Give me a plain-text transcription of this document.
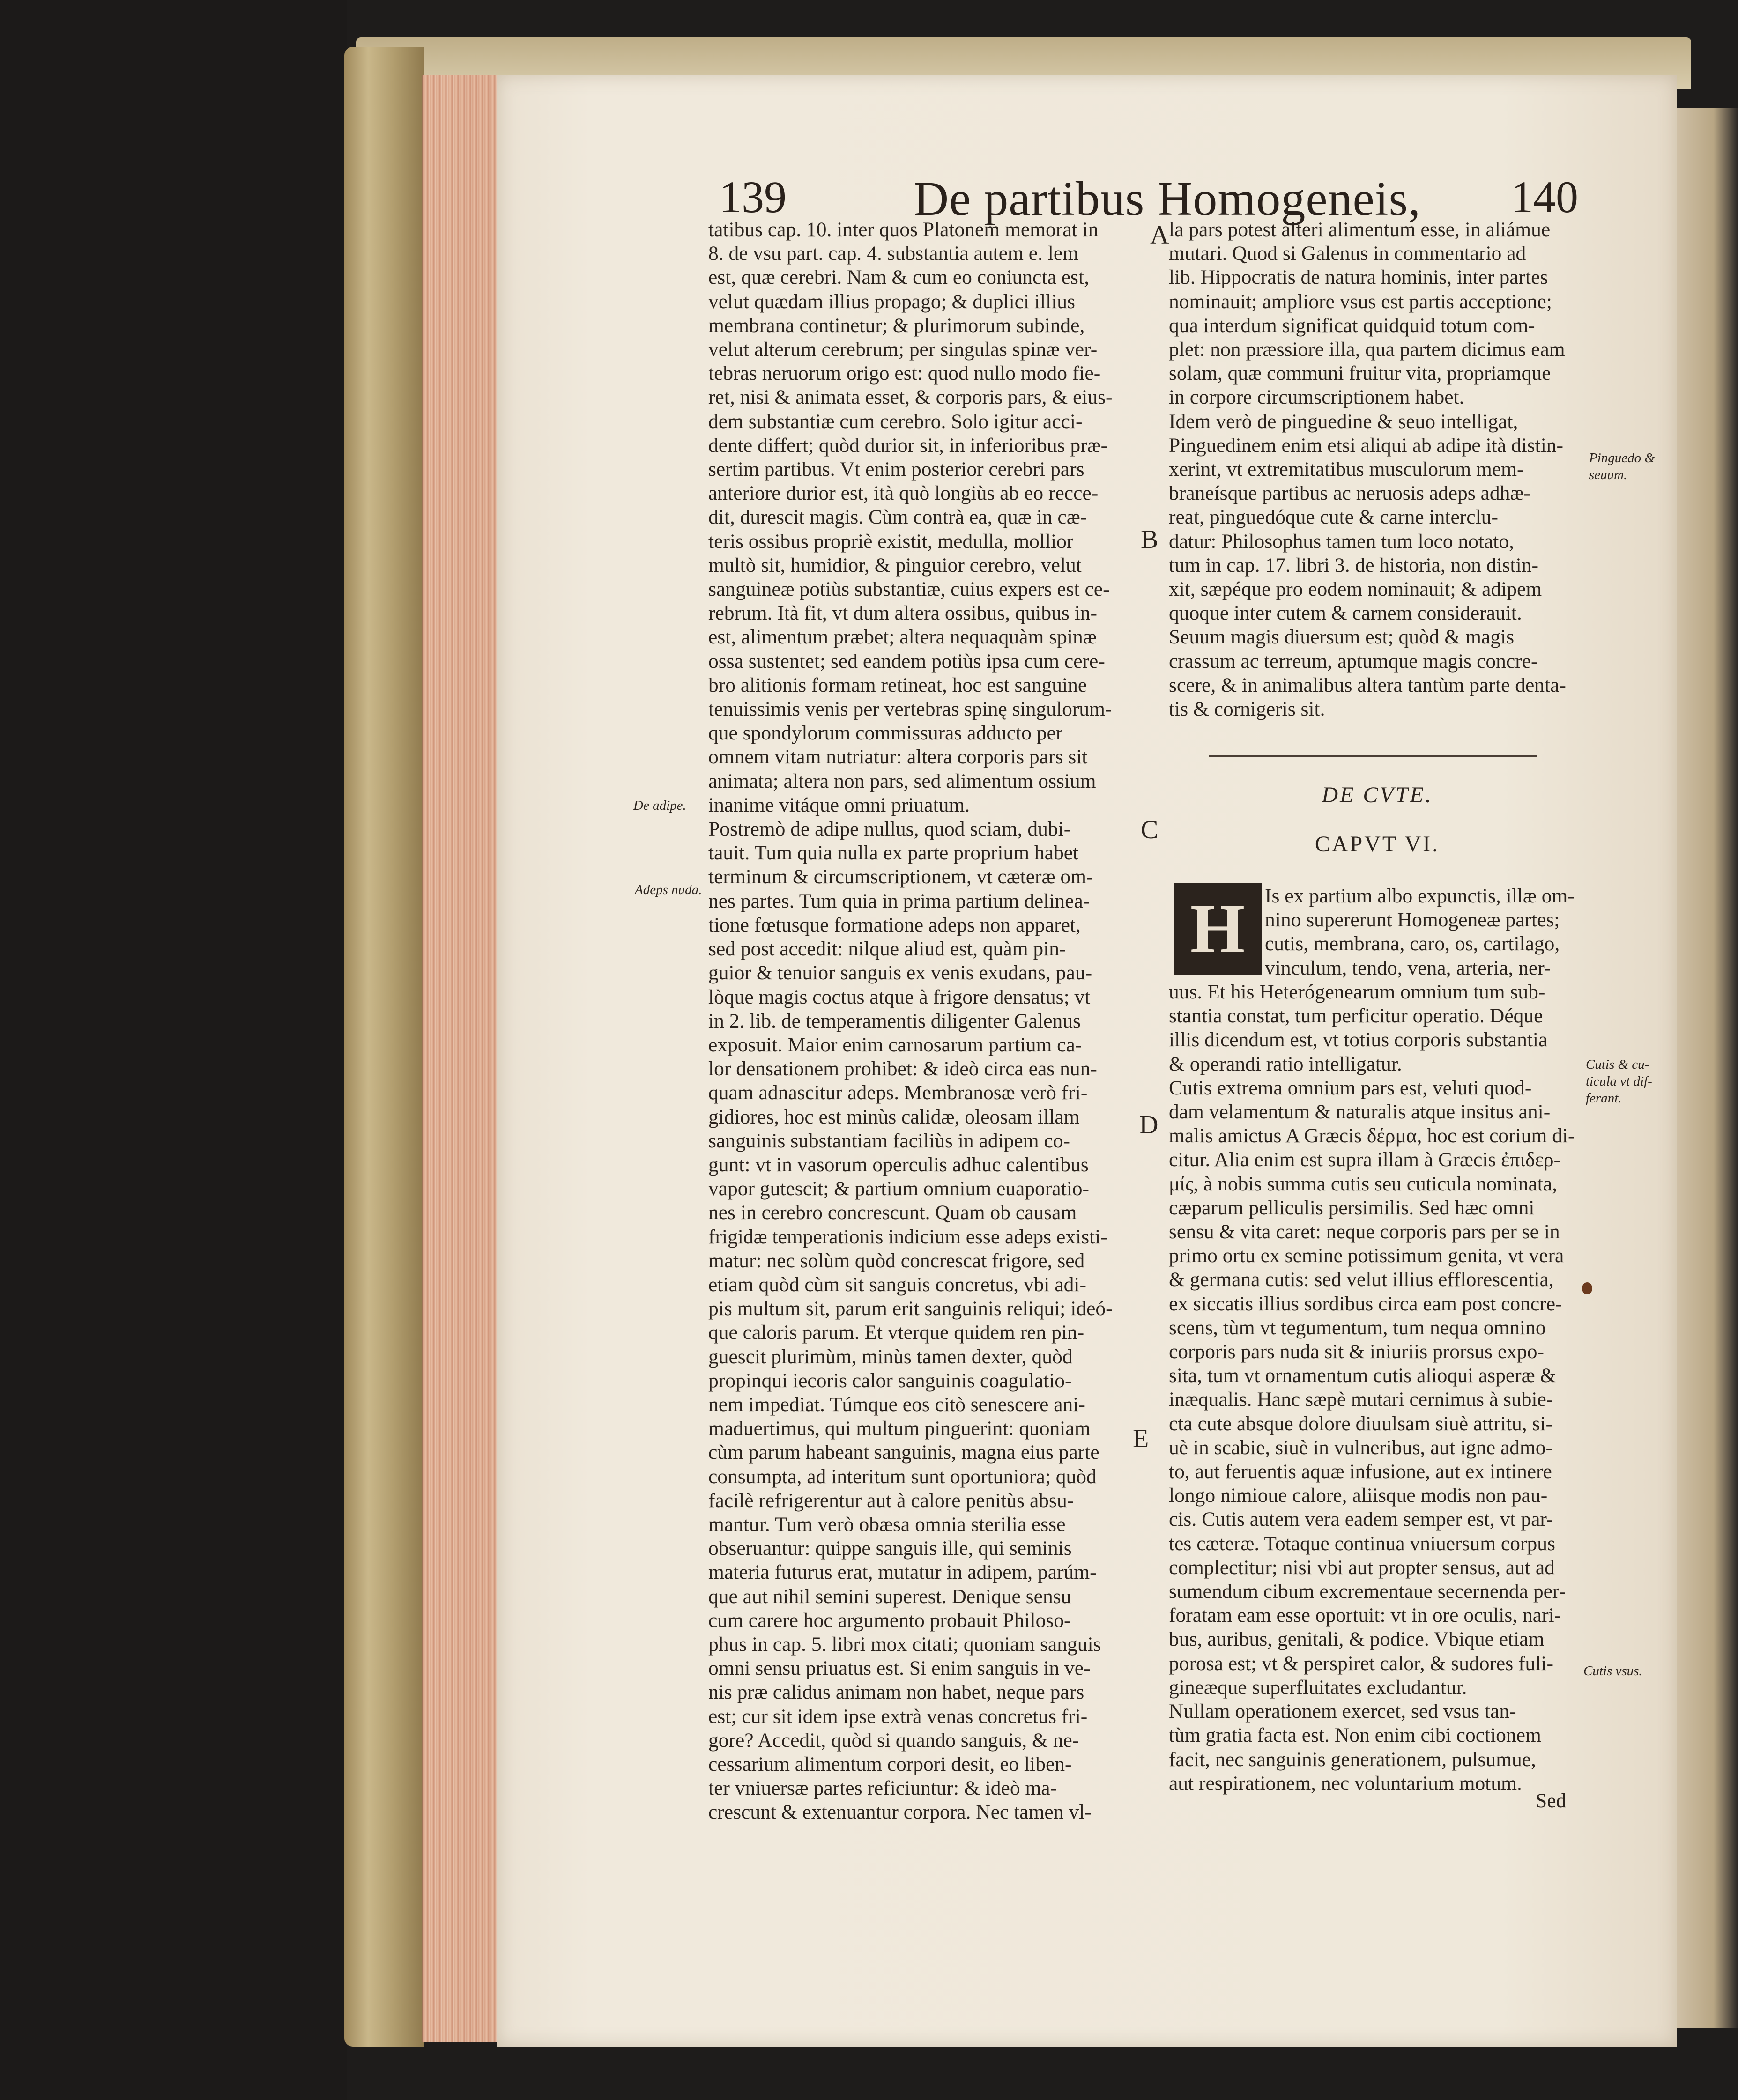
139	De partibus Homogeneis, 140

tatibus cap. 10. inter quos Platonem memorat in

8. de vsu part. cap. 4. substantia autem e. lem

est, quæ cerebri. Nam & cum eo coniuncta est,

velut quædam illius propago; & duplici illius

membrana continetur; & plurimorum subinde,

velut alterum cerebrum; per singulas spinæ ver-

tebras neruorum origo est: quod nullo modo fie-

ret, nisi & animata esset, & corporis pars, & eius-

dem substantiæ cum cerebro. Solo igitur acci-

dente differt; quòd durior sit, in inferioribus præ-

sertim partibus. Vt enim posterior cerebri pars

anteriore durior est, ità quò longiùs ab eo recce-

dit, durescit magis. Cùm contrà ea, quæ in cæ-

teris ossibus propriè existit, medulla, mollior

multò sit, humidior, & pinguior cerebro, velut

sanguineæ potiùs substantiæ, cuius expers est ce-

rebrum. Ità fit, vt dum altera ossibus, quibus in-

est, alimentum præbet; altera nequaquàm spinæ

ossa sustentet; sed eandem potiùs ipsa cum cere-

bro alitionis formam retineat, hoc est sanguine

tenuissimis venis per vertebras spinę singulorum-

que spondylorum commissuras adducto per

omnem vitam nutriatur: altera corporis pars sit

animata; altera non pars, sed alimentum ossium

inanime vitáque omni priuatum.

Postremò de adipe nullus, quod sciam, dubi-

tauit. Tum quia nulla ex parte proprium habet

terminum & circumscriptionem, vt cæteræ om-

nes partes. Tum quia in prima partium delinea-

tione fœtusque formatione adeps non apparet,

sed post accedit: nilque aliud est, quàm pin-

guior & tenuior sanguis ex venis exudans, pau-

lòque magis coctus atque à frigore densatus; vt

in 2. lib. de temperamentis diligenter Galenus

exposuit. Maior enim carnosarum partium ca-

lor densationem prohibet: & ideò circa eas nun-

quam adnascitur adeps. Membranosæ verò fri-

gidiores, hoc est minùs calidæ, oleosam illam

sanguinis substantiam faciliùs in adipem co-

gunt: vt in vasorum operculis adhuc calentibus

vapor gutescit; & partium omnium euaporatio-

nes in cerebro concrescunt. Quam ob causam

frigidæ temperationis indicium esse adeps existi-

matur: nec solùm quòd concrescat frigore, sed

etiam quòd cùm sit sanguis concretus, vbi adi-

pis multum sit, parum erit sanguinis reliqui; ideó-

que caloris parum. Et vterque quidem ren pin-

guescit plurimùm, minùs tamen dexter, quòd

propinqui iecoris calor sanguinis coagulatio-

nem impediat. Túmque eos citò senescere ani-

maduertimus, qui multum pinguerint: quoniam

cùm parum habeant sanguinis, magna eius parte

consumpta, ad interitum sunt oportuniora; quòd

facilè refrigerentur aut à calore penitùs absu-

mantur. Tum verò obæsa omnia sterilia esse

obseruantur: quippe sanguis ille, qui seminis

materia futurus erat, mutatur in adipem, parúm-

que aut nihil semini superest. Denique sensu

cum carere hoc argumento probauit Philoso-

phus in cap. 5. libri mox citati; quoniam sanguis

omni sensu priuatus est. Si enim sanguis in ve-

nis præ calidus animam non habet, neque pars

est; cur sit idem ipse extrà venas concretus fri-

gore? Accedit, quòd si quando sanguis, & ne-

cessarium alimentum corpori desit, eo liben-

ter vniuersæ partes reficiuntur: & ideò ma-

crescunt & extenuantur corpora. Nec tamen vl-

la pars potest alteri alimentum esse, in aliámue

mutari. Quod si Galenus in commentario ad

lib. Hippocratis de natura hominis, inter partes

nominauit; ampliore vsus est partis acceptione;

qua interdum significat quidquid totum com-

plet: non præssiore illa, qua partem dicimus eam

solam, quæ communi fruitur vita, propriamque

in corpore circumscriptionem habet.

Idem verò de pinguedine & seuo intelligat,

Pinguedinem enim etsi aliqui ab adipe ità distin-

xerint, vt extremitatibus musculorum mem-

braneísque partibus ac neruosis adeps adhæ-

reat, pinguedóque cute & carne interclu-

datur: Philosophus tamen tum loco notato,

tum in cap. 17. libri 3. de historia, non distin-

xit, sæpéque pro eodem nominauit; & adipem

quoque inter cutem & carnem considerauit.

Seuum magis diuersum est; quòd & magis

crassum ac terreum, aptumque magis concre-

scere, & in animalibus altera tantùm parte denta-

tis & cornigeris sit.

DE CVTE.
CAPVT VI.
H Is ex partium albo expunctis, illæ om-

nino supererunt Homogeneæ partes;

cutis, membrana, caro, os, cartilago,

vinculum, tendo, vena, arteria, ner-

uus. Et his Heterógenearum omnium tum sub-

stantia constat, tum perficitur operatio. Déque

illis dicendum est, vt totius corporis substantia

& operandi ratio intelligatur.

Cutis extrema omnium pars est, veluti quod-

dam velamentum & naturalis atque insitus ani-

malis amictus A Græcis δέρμα, hoc est corium di-

citur. Alia enim est supra illam à Græcis ἐπιδερ-

μίς, à nobis summa cutis seu cuticula nominata,

cæparum pelliculis persimilis. Sed hæc omni

sensu & vita caret: neque corporis pars per se in

primo ortu ex semine potissimum genita, vt vera

& germana cutis: sed velut illius efflorescentia,

ex siccatis illius sordibus circa eam post concre-

scens, tùm vt tegumentum, tum nequa omnino

corporis pars nuda sit & iniuriis prorsus expo-

sita, tum vt ornamentum cutis alioqui asperæ &

inæqualis. Hanc sæpè mutari cernimus à subie-

cta cute absque dolore diuulsam siuè attritu, si-

uè in scabie, siuè in vulneribus, aut igne admo-

to, aut feruentis aquæ infusione, aut ex intinere

longo nimioue calore, aliisque modis non pau-

cis. Cutis autem vera eadem semper est, vt par-

tes cæteræ. Totaque continua vniuersum corpus

complectitur; nisi vbi aut propter sensus, aut ad

sumendum cibum excrementaue secernenda per-

foratam eam esse oportuit: vt in ore oculis, nari-

bus, auribus, genitali, & podice. Vbique etiam

porosa est; vt & perspiret calor, & sudores fuli-

gineæque superfluitates excludantur.

Nullam operationem exercet, sed vsus tan-

tùm gratia facta est. Non enim cibi coctionem

facit, nec sanguinis generationem, pulsumue,

aut respirationem, nec voluntarium motum.

Sed

A
B
C
D
E
De adipe.
Adeps nuda.
Pinguedo &
seuum.
Cutis & cu-
ticula vt dif-
ferant.
Cutis vsus.
